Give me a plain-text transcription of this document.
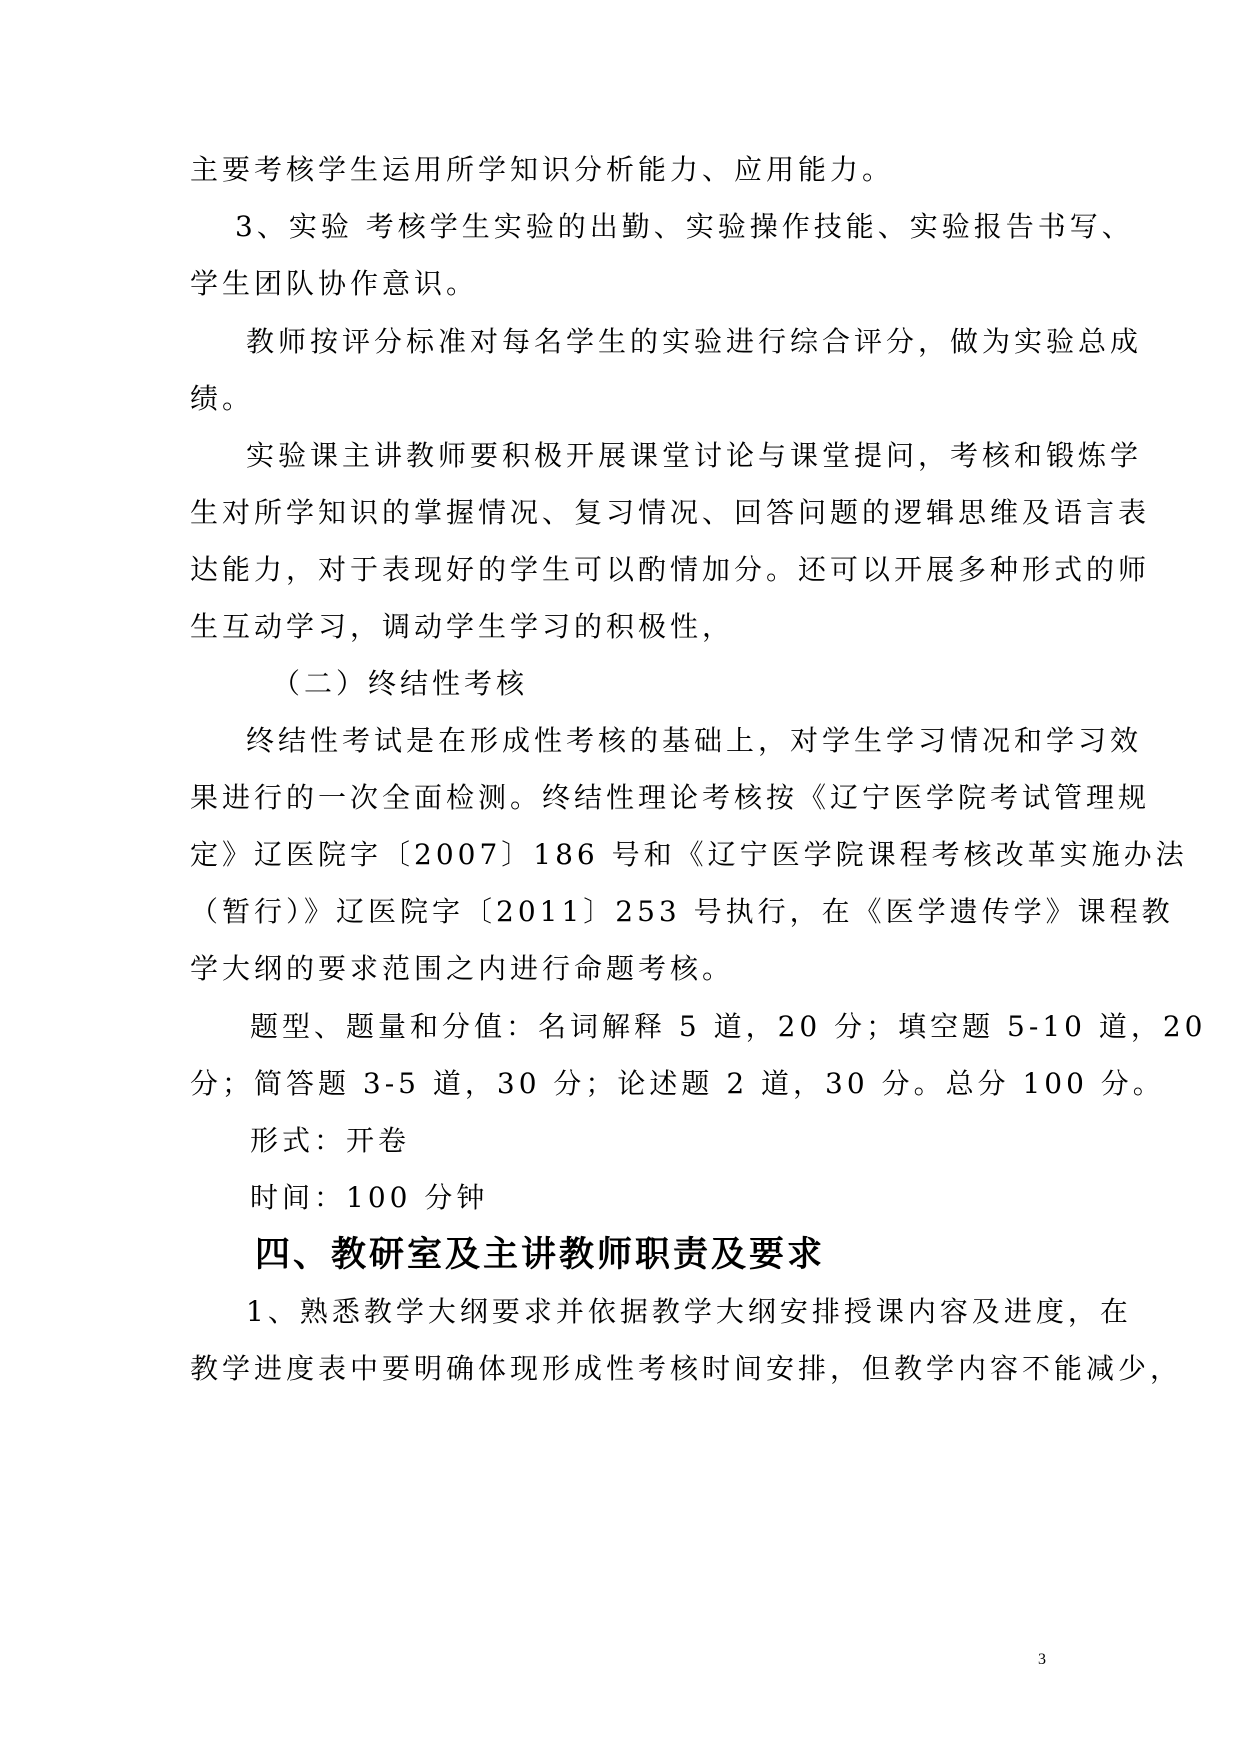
主要考核学生运用所学知识分析能力、应用能力。
3、实验 考核学生实验的出勤、实验操作技能、实验报告书写、
学生团队协作意识。
教师按评分标准对每名学生的实验进行综合评分，做为实验总成
绩。
实验课主讲教师要积极开展课堂讨论与课堂提问，考核和锻炼学
生对所学知识的掌握情况、复习情况、回答问题的逻辑思维及语言表
达能力，对于表现好的学生可以酌情加分。还可以开展多种形式的师
生互动学习，调动学生学习的积极性，
（二）终结性考核
终结性考试是在形成性考核的基础上，对学生学习情况和学习效
果进行的一次全面检测。终结性理论考核按《辽宁医学院考试管理规
定》辽医院字〔2007〕186 号和《辽宁医学院课程考核改革实施办法
（暂行）》辽医院字〔2011〕253 号执行，在《医学遗传学》课程教
学大纲的要求范围之内进行命题考核。
题型、题量和分值：名词解释 5 道，20 分；填空题 5-10 道，20
分；简答题 3-5 道，30 分；论述题 2 道，30 分。总分 100 分。
形式：开卷
时间：100 分钟
四、教研室及主讲教师职责及要求
1、熟悉教学大纲要求并依据教学大纲安排授课内容及进度，在
教学进度表中要明确体现形成性考核时间安排，但教学内容不能减少，
3
